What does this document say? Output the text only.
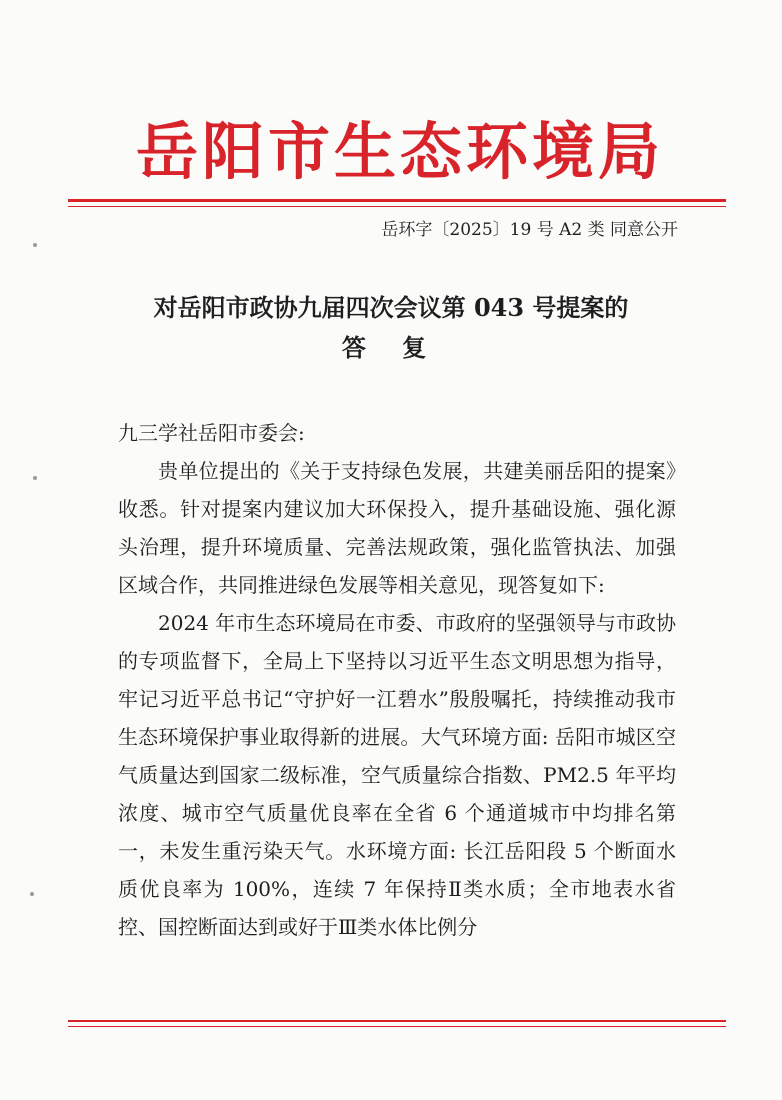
岳阳市生态环境局
岳环字〔2025〕19 号 A2 类 同意公开
对岳阳市政协九届四次会议第 043 号提案的
答 复

九三学社岳阳市委会:

贵单位提出的《关于支持绿色发展，共建美丽岳阳的提案》收悉。针对提案内建议加大环保投入，提升基础设施、强化源头治理，提升环境质量、完善法规政策，强化监管执法、加强区域合作，共同推进绿色发展等相关意见，现答复如下:

2024 年市生态环境局在市委、市政府的坚强领导与市政协的专项监督下，全局上下坚持以习近平生态文明思想为指导，牢记习近平总书记“守护好一江碧水”殷殷嘱托，持续推动我市生态环境保护事业取得新的进展。大气环境方面: 岳阳市城区空气质量达到国家二级标准，空气质量综合指数、PM2.5 年平均浓度、城市空气质量优良率在全省 6 个通道城市中均排名第一，未发生重污染天气。水环境方面: 长江岳阳段 5 个断面水质优良率为 100%，连续 7 年保持Ⅱ类水质；全市地表水省控、国控断面达到或好于Ⅲ类水体比例分
